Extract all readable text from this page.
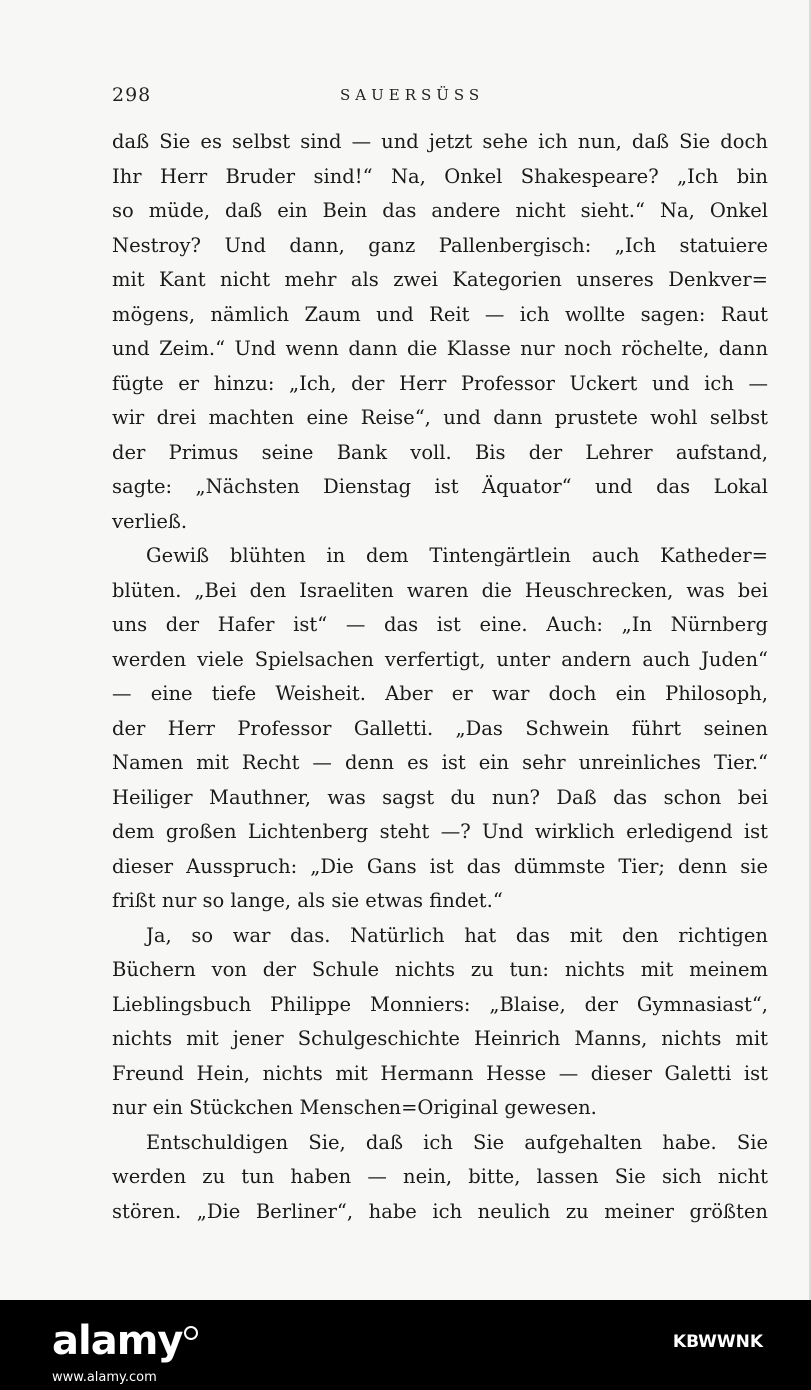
298	SAUERSÜSS
daß Sie es selbst sind — und jetzt sehe ich nun, daß Sie doch
Ihr Herr Bruder sind!“ Na, Onkel Shakespeare? „Ich bin
so müde, daß ein Bein das andere nicht sieht.“ Na, Onkel
Nestroy? Und dann, ganz Pallenbergisch: „Ich statuiere
mit Kant nicht mehr als zwei Kategorien unseres Denkver=
mögens, nämlich Zaum und Reit — ich wollte sagen: Raut
und Zeim.“ Und wenn dann die Klasse nur noch röchelte, dann
fügte er hinzu: „Ich, der Herr Professor Uckert und ich —
wir drei machten eine Reise“, und dann prustete wohl selbst
der Primus seine Bank voll. Bis der Lehrer aufstand,
sagte: „Nächsten Dienstag ist Äquator“ und das Lokal
verließ.
Gewiß blühten in dem Tintengärtlein auch Katheder=
blüten. „Bei den Israeliten waren die Heuschrecken, was bei
uns der Hafer ist“ — das ist eine. Auch: „In Nürnberg
werden viele Spielsachen verfertigt, unter andern auch Juden“
— eine tiefe Weisheit. Aber er war doch ein Philosoph,
der Herr Professor Galletti. „Das Schwein führt seinen
Namen mit Recht — denn es ist ein sehr unreinliches Tier.“
Heiliger Mauthner, was sagst du nun? Daß das schon bei
dem großen Lichtenberg steht —? Und wirklich erledigend ist
dieser Ausspruch: „Die Gans ist das dümmste Tier; denn sie
frißt nur so lange, als sie etwas findet.“
Ja, so war das. Natürlich hat das mit den richtigen
Büchern von der Schule nichts zu tun: nichts mit meinem
Lieblingsbuch Philippe Monniers: „Blaise, der Gymnasiast“,
nichts mit jener Schulgeschichte Heinrich Manns, nichts mit
Freund Hein, nichts mit Hermann Hesse — dieser Galetti ist
nur ein Stückchen Menschen=Original gewesen.
Entschuldigen Sie, daß ich Sie aufgehalten habe. Sie
werden zu tun haben — nein, bitte, lassen Sie sich nicht
stören. „Die Berliner“, habe ich neulich zu meiner größten
alamy	KBWWNK
www.alamy.com
